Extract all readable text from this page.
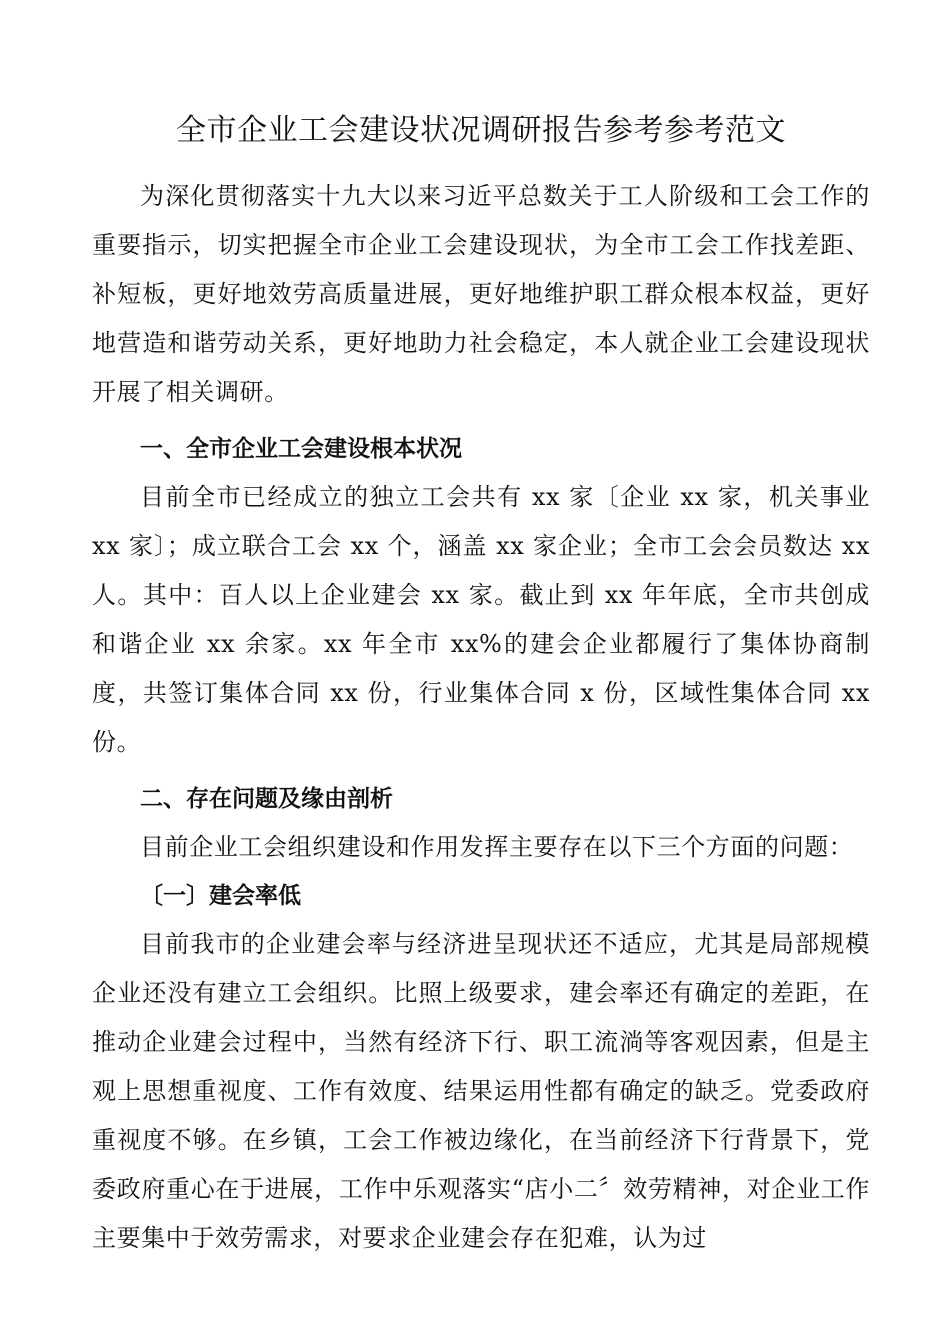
全市企业工会建设状况调研报告参考参考范文

为深化贯彻落实十九大以来习近平总数关于工人阶级和工会工作的重要指示，切实把握全市企业工会建设现状，为全市工会工作找差距、补短板，更好地效劳高质量进展，更好地维护职工群众根本权益，更好地营造和谐劳动关系，更好地助力社会稳定，本人就企业工会建设现状开展了相关调研。

一、全市企业工会建设根本状况

目前全市已经成立的独立工会共有 xx 家〔企业 xx 家，机关事业 xx 家〕；成立联合工会 xx 个，涵盖 xx 家企业；全市工会会员数达 xx 人。其中：百人以上企业建会 xx 家。截止到 xx 年年底，全市共创成和谐企业 xx 余家。xx 年全市 xx%的建会企业都履行了集体协商制度，共签订集体合同 xx 份，行业集体合同 x 份，区域性集体合同 xx 份。

二、存在问题及缘由剖析

目前企业工会组织建设和作用发挥主要存在以下三个方面的问题：

〔一〕建会率低

目前我市的企业建会率与经济进呈现状还不适应，尤其是局部规模企业还没有建立工会组织。比照上级要求，建会率还有确定的差距，在推动企业建会过程中，当然有经济下行、职工流淌等客观因素，但是主观上思想重视度、工作有效度、结果运用性都有确定的缺乏。党委政府重视度不够。在乡镇，工会工作被边缘化，在当前经济下行背景下，党委政府重心在于进展，工作中乐观落实“店小二〞效劳精神，对企业工作主要集中于效劳需求，对要求企业建会存在犯难，认为过
